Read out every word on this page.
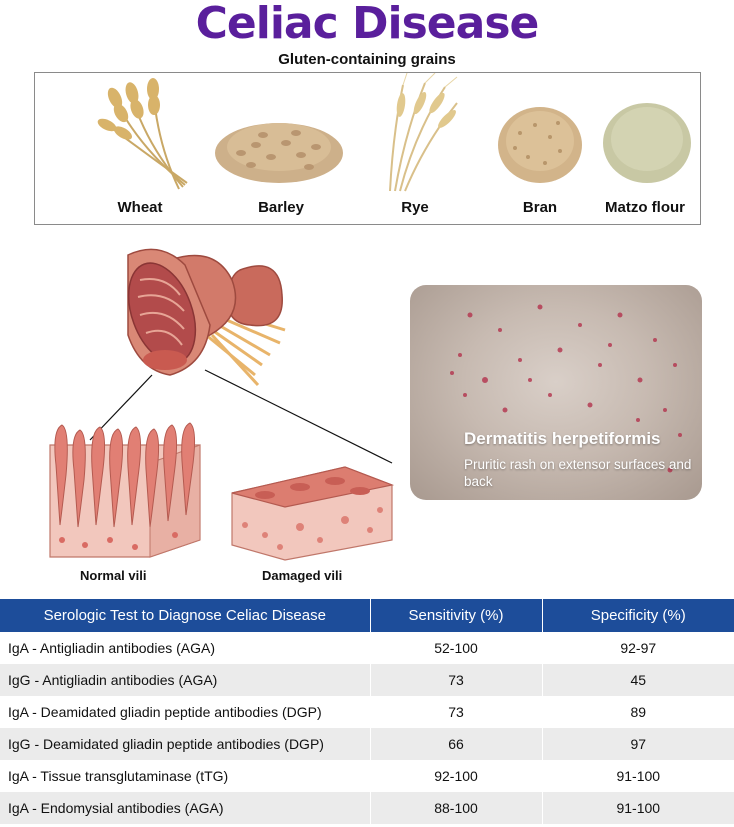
Celiac Disease
Gluten-containing grains
Wheat	Barley	Rye	Bran	Matzo flour
Normal vili	Damaged vili
Dermatitis herpetiformis
Pruritic rash on extensor surfaces and back
Serologic Test to Diagnose Celiac Disease	Sensitivity (%)	Specificity (%)
IgA - Antigliadin antibodies (AGA)	52-100	92-97
IgG - Antigliadin antibodies (AGA)	73	45
IgA - Deamidated gliadin peptide antibodies (DGP)	73	89
IgG - Deamidated gliadin peptide antibodies (DGP)	66	97
IgA - Tissue transglutaminase (tTG)	92-100	91-100
IgA - Endomysial antibodies (AGA)	88-100	91-100
